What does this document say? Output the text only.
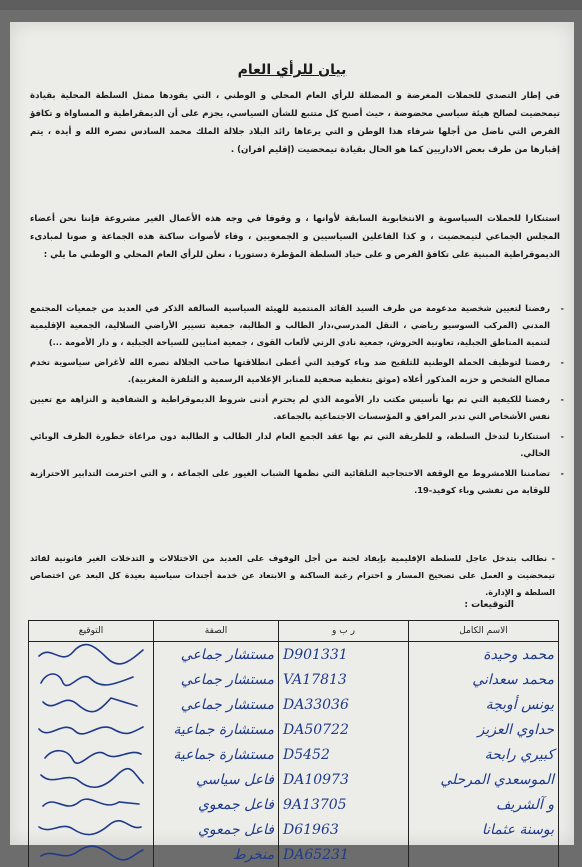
بيان للرأي العام
في إطار التصدي للحملات المغرضة و المضللة للرأي العام المحلي و الوطني ، التي يقودها ممثل السلطة المحلية بقيادة تيمحضيت لصالح هيئة سياسي محضوضة ، حيث أصبح كل متتبع للشأن السياسي، يجزم على أن الديمقراطية و المساواة و تكافؤ الفرص التي ناضل من أجلها شرفاء هذا الوطن و التي يرعاها رائد البلاد جلالة الملك محمد السادس نصره الله و أيده ، يتم إقبارها من طرف بعض الاداريين كما هو الحال بقيادة تيمحضيت (إقليم افران) .
استنكارا للحملات السياسوية و الانتخابوية السابقة لأوانها ، و وقوفا في وجه هذه الأعمال الغير مشروعة فإننا نحن أعضاء المجلس الجماعي لتيمحضيت ، و كذا الفاعلين السياسيين و الجمعويين ، وفاء لأصوات ساكنة هذه الجماعة و صونا لمبادىء الديموقراطية المبنية على تكافؤ الفرص و على حياد السلطة المؤطرة دستوريا ، نعلن للرأي العام المحلي و الوطني ما يلي :
- رفضنا لتعيين شخصية مدعومة من طرف السيد القائد المنتمية للهيئة السياسية السالفة الذكر في العديد من جمعيات المجتمع المدني (المركب السوسيو رياضي ، النقل المدرسي،دار الطالب و الطالبة، جمعية تسيير الأراضي السلالية، الجمعية الإقليمية لتنمية المناطق الجبلية، تعاونية الحروش، جمعية نادي الرني لألعاب القوى ، جمعية امنايين للسياحة الجبلية ، و دار الأمومة ...)
- رفضنا لتوظيف الحملة الوطنية للتلقيح ضد وباء كوفيد التي أعطى انطلاقتها صاحب الجلالة نصره الله لأغراض سياسوية تخدم مصالح الشخص و حزبه المذكور أعلاه (موثق بتغطية صحفية للمنابر الإعلامية الرسمية و التلفزة المغربية).
- رفضنا للكيفية التي تم بها تأسيس مكتب دار الأمومة الذي لم يحترم أدنى شروط الديموقراطية و الشفافية و النزاهة مع تعيين نفس الأشخاص التي تدبر المرافق و المؤسسات الاجتماعية بالجماعة.
- استنكارنا لتدخل السلطة، و للطريقة التي تم بها عقد الجمع العام لدار الطالب و الطالبة دون مراعاة خطورة الظرف الوبائي الحالي.
- تضامننا اللامشروط مع الوقفة الاحتجاجية التلقائية التي نظمها الشباب الغيور على الجماعة ، و التي احترمت التدابير الاحترازية للوقاية من تفشي وباء كوفيد-19.
- نطالب بتدخل عاجل للسلطة الإقليمية بإيفاد لجنة من أجل الوقوف على العديد من الاختلالات و التدخلات الغير قانونية لقائد تيمحضيت و العمل على تصحيح المسار و احترام رغبة الساكنة و الابتعاد عن خدمة أجندات سياسية بعيدة كل البعد عن اختصاص السلطة و الإدارة.
التوقيعات :
الاسم الكامل	ر ب و	الصفة	التوقيع
محمد وحيدة	D901331	مستشار جماعي	

محمد سعداني	VA17813	مستشار جماعي	

يونس أوبجة	DA33036	مستشار جماعي	

حداوي العزيز	DA50722	مستشارة جماعية	

كبيري رابحة	D5452	مستشارة جماعية	

الموسعدي المرحلي	DA10973	فاعل سياسي	

و آلشريف	9A13705	فاعل جمعوي	

بوسنة عثمانا	D61963	فاعل جمعوي	

	DA65231	منخرط	
